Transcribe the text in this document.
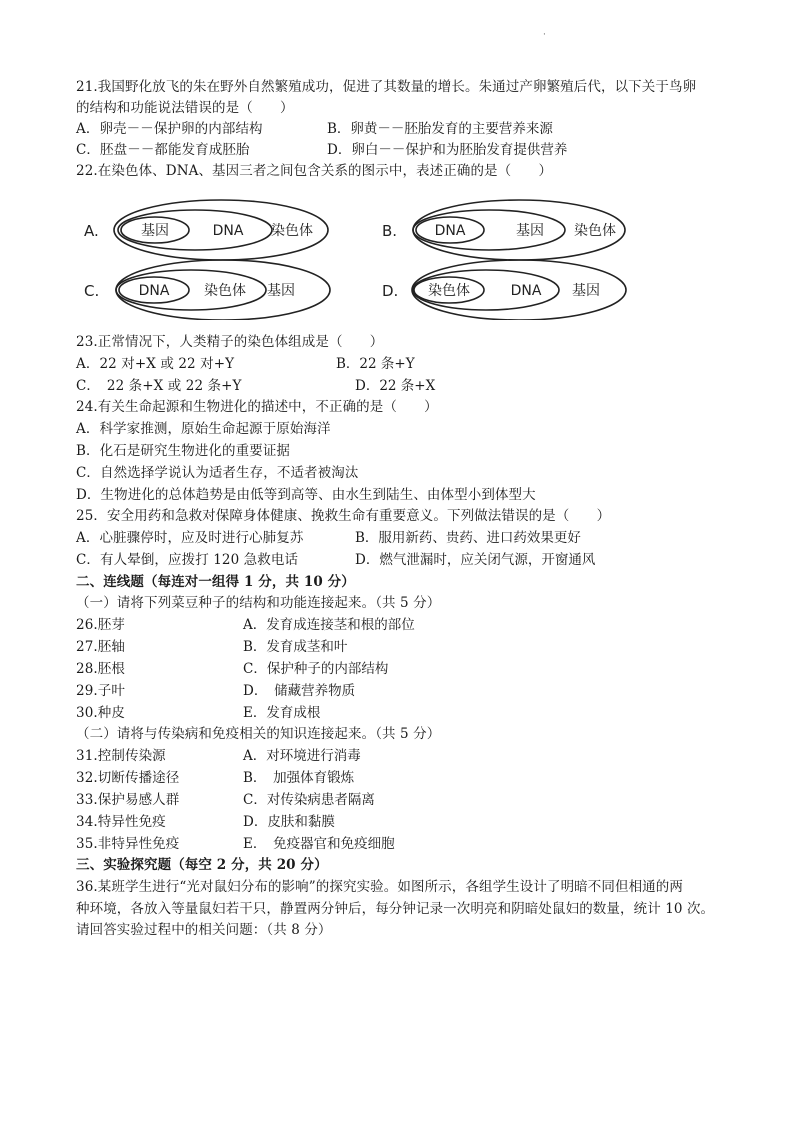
·
21.我国野化放飞的朱在野外自然繁殖成功，促进了其数量的增长。朱通过产卵繁殖后代，以下关于鸟卵
的结构和功能说法错误的是（　　）
A．卵壳－－保护卵的内部结构	B．卵黄－－胚胎发育的主要营养来源
C．胚盘－－都能发育成胚胎	D．卵白－－保护和为胚胎发育提供营养
22.在染色体、DNA、基因三者之间包含关系的图示中，表述正确的是（　　）
A.	基因	DNA 染色体	B.	DNA	基因 染色体
C.	DNA 染色体 基因	D. 染色体	DNA 基因
23.正常情况下，人类精子的染色体组成是（　　）
A．22 对+X 或 22 对+Y	B．22 条+Y
C．　22 条+X 或 22 条+Y	D．22 条+X
24.有关生命起源和生物进化的描述中，不正确的是（　　）
A．科学家推测，原始生命起源于原始海洋
B．化石是研究生物进化的重要证据
C．自然选择学说认为适者生存，不适者被淘汰
D．生物进化的总体趋势是由低等到高等、由水生到陆生、由体型小到体型大
25．安全用药和急救对保障身体健康、挽救生命有重要意义。下列做法错误的是（　　）
A．心脏骤停时，应及时进行心肺复苏	B．服用新药、贵药、进口药效果更好
C．有人晕倒，应拨打 120 急救电话	D．燃气泄漏时，应关闭气源，开窗通风
二、连线题（每连对一组得 1 分，共 10 分）
（一）请将下列菜豆种子的结构和功能连接起来。（共 5 分）
26.胚芽	A．发育成连接茎和根的部位
27.胚轴	B．发育成茎和叶
28.胚根	C．保护种子的内部结构
29.子叶	D．　储藏营养物质
30.种皮	E．发育成根
（二）请将与传染病和免疫相关的知识连接起来。（共 5 分）
31.控制传染源	A．对环境进行消毒
32.切断传播途径	B．　加强体育锻炼
33.保护易感人群	C．对传染病患者隔离
34.特异性免疫	D．皮肤和黏膜
35.非特异性免疫	E．　免疫器官和免疫细胞
三、实验探究题（每空 2 分，共 20 分）
36.某班学生进行“光对鼠妇分布的影响”的探究实验。如图所示，各组学生设计了明暗不同但相通的两
种环境，各放入等量鼠妇若干只，静置两分钟后，每分钟记录一次明亮和阴暗处鼠妇的数量，统计 10 次。
请回答实验过程中的相关问题：（共 8 分）
